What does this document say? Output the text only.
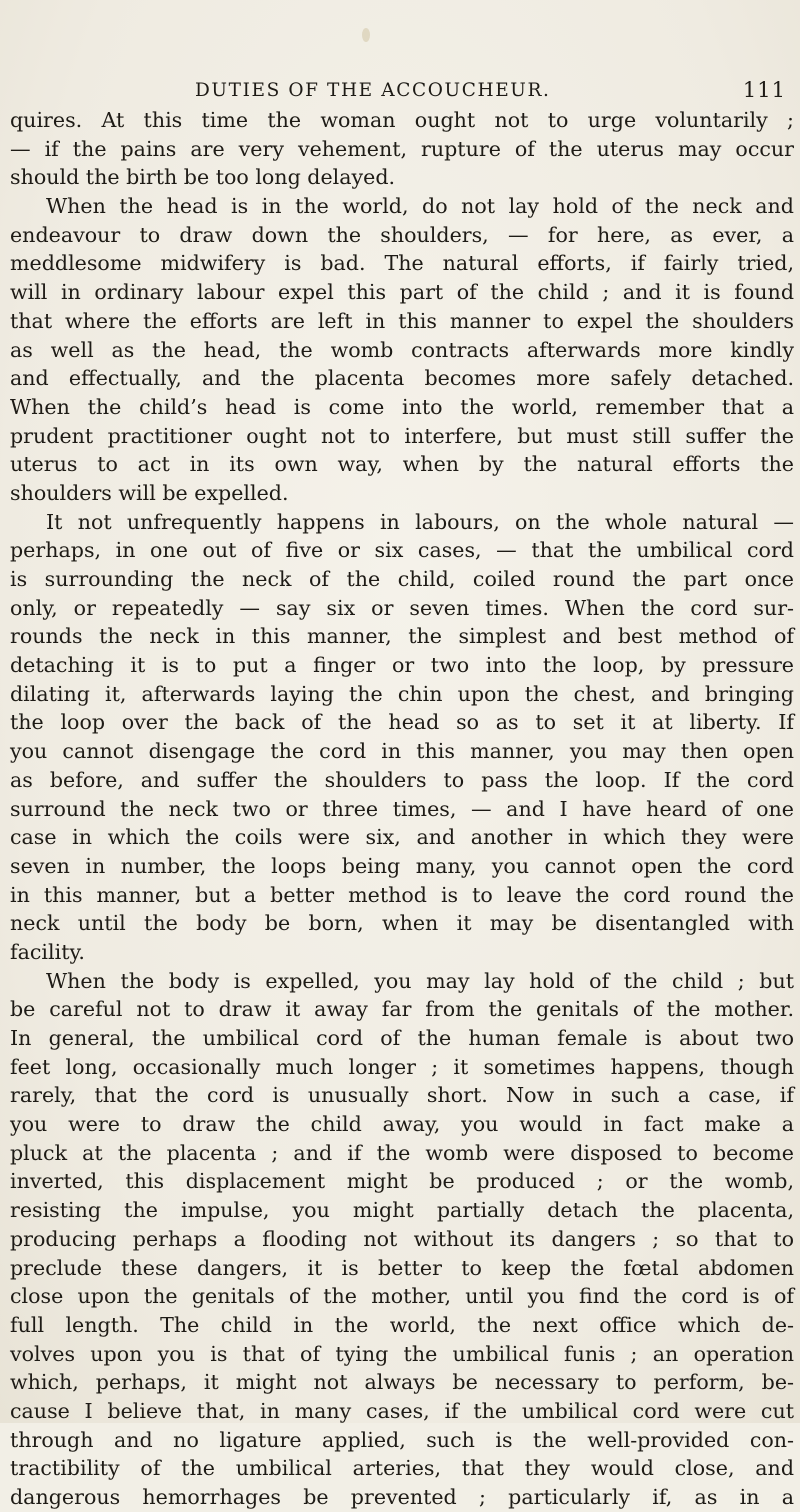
DUTIES OF THE ACCOUCHEUR.	111
quires. At this time the woman ought not to urge voluntarily ;
— if the pains are very vehement, rupture of the uterus may occur
should the birth be too long delayed.
When the head is in the world, do not lay hold of the neck and
endeavour to draw down the shoulders, — for here, as ever, a
meddlesome midwifery is bad. The natural efforts, if fairly tried,
will in ordinary labour expel this part of the child ; and it is found
that where the efforts are left in this manner to expel the shoulders
as well as the head, the womb contracts afterwards more kindly
and effectually, and the placenta becomes more safely detached.
When the child’s head is come into the world, remember that a
prudent practitioner ought not to interfere, but must still suffer the
uterus to act in its own way, when by the natural efforts the
shoulders will be expelled.
It not unfrequently happens in labours, on the whole natural —
perhaps, in one out of five or six cases, — that the umbilical cord
is surrounding the neck of the child, coiled round the part once
only, or repeatedly — say six or seven times. When the cord sur-
rounds the neck in this manner, the simplest and best method of
detaching it is to put a finger or two into the loop, by pressure
dilating it, afterwards laying the chin upon the chest, and bringing
the loop over the back of the head so as to set it at liberty. If
you cannot disengage the cord in this manner, you may then open
as before, and suffer the shoulders to pass the loop. If the cord
surround the neck two or three times, — and I have heard of one
case in which the coils were six, and another in which they were
seven in number, the loops being many, you cannot open the cord
in this manner, but a better method is to leave the cord round the
neck until the body be born, when it may be disentangled with
facility.
When the body is expelled, you may lay hold of the child ; but
be careful not to draw it away far from the genitals of the mother.
In general, the umbilical cord of the human female is about two
feet long, occasionally much longer ; it sometimes happens, though
rarely, that the cord is unusually short. Now in such a case, if
you were to draw the child away, you would in fact make a
pluck at the placenta ; and if the womb were disposed to become
inverted, this displacement might be produced ; or the womb,
resisting the impulse, you might partially detach the placenta,
producing perhaps a flooding not without its dangers ; so that to
preclude these dangers, it is better to keep the fœtal abdomen
close upon the genitals of the mother, until you find the cord is of
full length. The child in the world, the next office which de-
volves upon you is that of tying the umbilical funis ; an operation
which, perhaps, it might not always be necessary to perform, be-
cause I believe that, in many cases, if the umbilical cord were cut
through and no ligature applied, such is the well-provided con-
tractibility of the umbilical arteries, that they would close, and
dangerous hemorrhages be prevented ; particularly if, as in a
